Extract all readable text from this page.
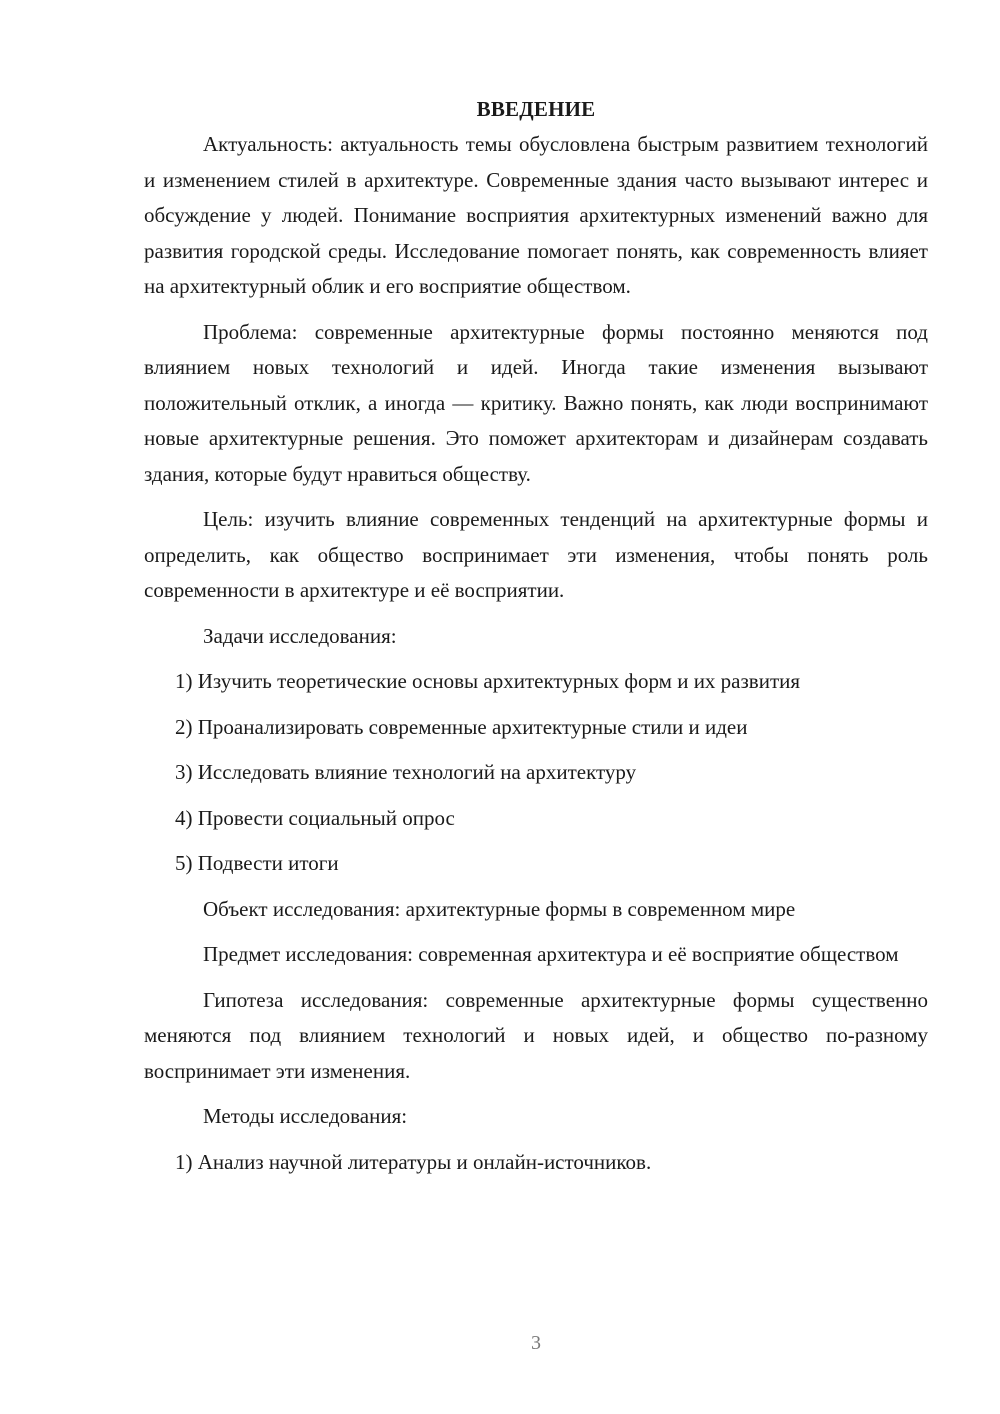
ВВЕДЕНИЕ

Актуальность: актуальность темы обусловлена быстрым развитием технологий и изменением стилей в архитектуре. Современные здания часто вызывают интерес и обсуждение у людей. Понимание восприятия архитектурных изменений важно для развития городской среды. Исследование помогает понять, как современность влияет на архитектурный облик и его восприятие обществом.

Проблема: современные архитектурные формы постоянно меняются под влиянием новых технологий и идей. Иногда такие изменения вызывают положительный отклик, а иногда — критику. Важно понять, как люди воспринимают новые архитектурные решения. Это поможет архитекторам и дизайнерам создавать здания, которые будут нравиться обществу.

Цель: изучить влияние современных тенденций на архитектурные формы и определить, как общество воспринимает эти изменения, чтобы понять роль современности в архитектуре и её восприятии.

Задачи исследования:

1) Изучить теоретические основы архитектурных форм и их развития
2) Проанализировать современные архитектурные стили и идеи
3) Исследовать влияние технологий на архитектуру
4) Провести социальный опрос
5) Подвести итоги

Объект исследования: архитектурные формы в современном мире

Предмет исследования: современная архитектура и её восприятие обществом

Гипотеза исследования: современные архитектурные формы существенно меняются под влиянием технологий и новых идей, и общество по-разному воспринимает эти изменения.

Методы исследования:

1) Анализ научной литературы и онлайн-источников.
3
